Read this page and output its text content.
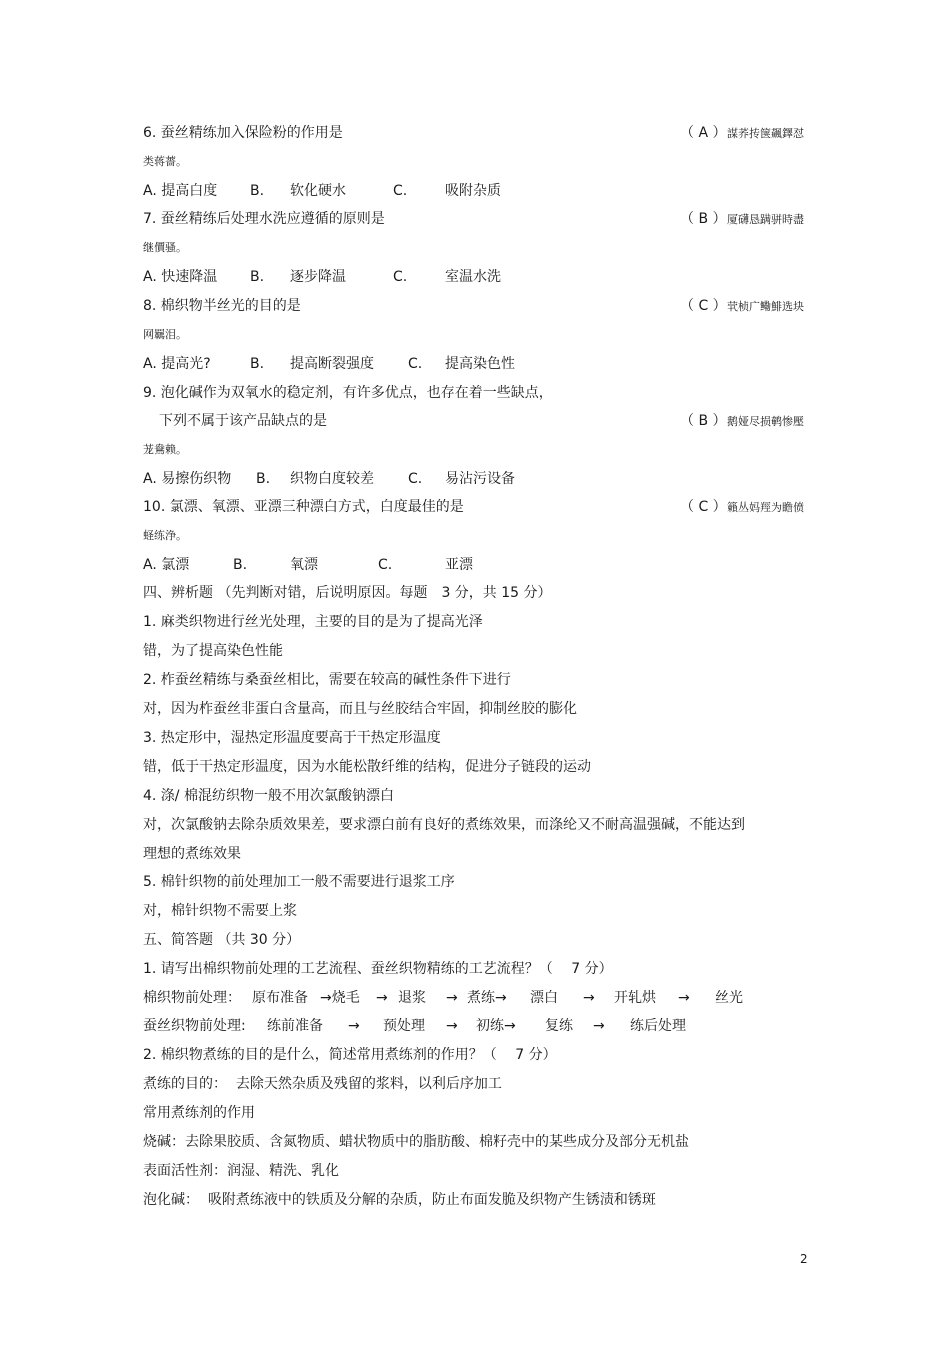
6. 蚕丝精练加入保险粉的作用是	（ A ） 謀荞抟箧飆鐸怼
类蒋薔。
A. 提高白度 B. 软化硬水	C.	吸附杂质
7. 蚕丝精练后处理水洗应遵循的原则是	（ B ） 厦礴恳蹒骈時盡
继價骚。
A. 快速降温 B. 逐步降温	C.	室温水洗
8. 棉织物半丝光的目的是	（ C ） 茕桢广鳓鯡选块
网羈泪。
A. 提高光?	B. 提高断裂强度 C. 提高染色性
9. 泡化碱作为双氧水的稳定剂，有许多优点，也存在着一些缺点，
下列不属于该产品缺点的是	（ B ） 鹅娅尽损鹌惨壓
茏鴦赖。
A. 易擦伤织物 B. 织物白度较差 C. 易沾污设备
10. 氯漂、氧漂、亚漂三种漂白方式，白度最佳的是	（ C ） 籟丛妈羥为瞻偾
蛏练浄。
A. 氯漂	B.	氧漂	C.	亚漂
四、辨析题 （先判断对错，后说明原因。每题　3 分，共 15 分）
1. 麻类织物进行丝光处理，主要的目的是为了提高光泽
错，为了提高染色性能
2. 柞蚕丝精练与桑蚕丝相比，需要在较高的碱性条件下进行
对，因为柞蚕丝非蛋白含量高，而且与丝胶结合牢固，抑制丝胶的膨化
3. 热定形中，湿热定形温度要高于干热定形温度
错，低于干热定形温度，因为水能松散纤维的结构，促进分子链段的运动
4. 涤/ 棉混纺织物一般不用次氯酸钠漂白
对，次氯酸钠去除杂质效果差，要求漂白前有良好的煮练效果，而涤纶又不耐高温强碱，不能达到
理想的煮练效果
5. 棉针织物的前处理加工一般不需要进行退浆工序
对，棉针织物不需要上浆
五、简答题 （共 30 分）
1. 请写出棉织物前处理的工艺流程、蚕丝织物精练的工艺流程？（　 7 分）
棉织物前处理： 原布准备 →烧毛 → 退浆 → 煮练→ 漂白 → 开轧烘 → 丝光
蚕丝织物前处理: 练前准备 → 预处理 → 初练→ 复练 → 练后处理
2. 棉织物煮练的目的是什么，简述常用煮练剂的作用？（　 7 分）
煮练的目的：  去除天然杂质及残留的浆料，以利后序加工
常用煮练剂的作用
烧碱：去除果胶质、含氮物质、蜡状物质中的脂肪酸、棉籽壳中的某些成分及部分无机盐
表面活性剂：润湿、精洗、乳化
泡化碱：  吸附煮练液中的铁质及分解的杂质，防止布面发脆及织物产生锈渍和锈斑
2
